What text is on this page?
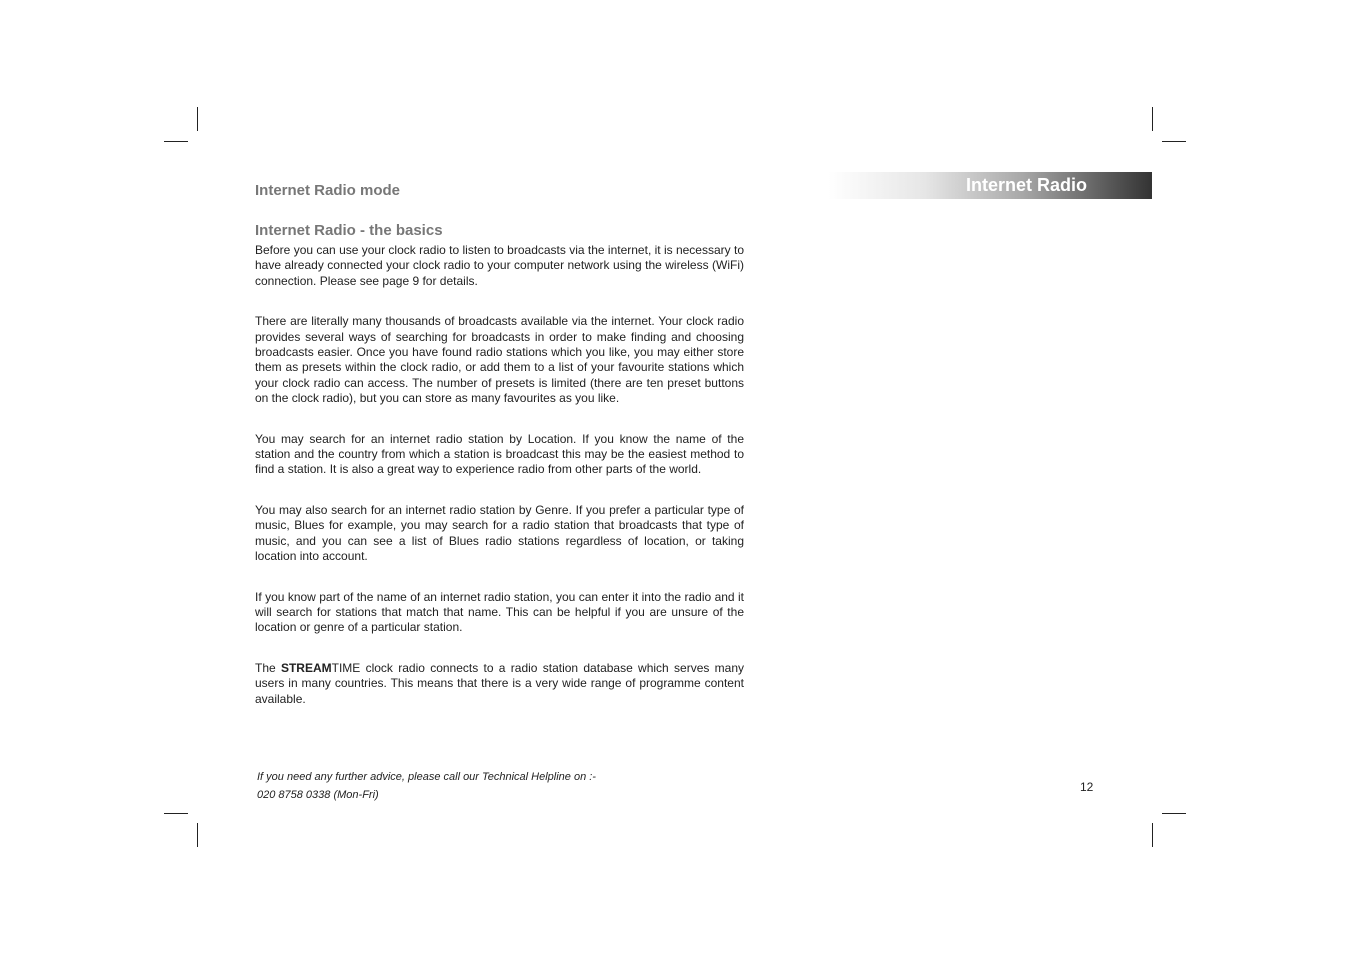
Internet Radio
Internet Radio mode
Internet Radio - the basics

Before you can use your clock radio to listen to broadcasts via the internet, it is necessary to have already connected your clock radio to your computer network using the wireless (WiFi) connection. Please see page 9 for details.

There are literally many thousands of broadcasts available via the internet. Your clock radio provides several ways of searching for broadcasts in order to make finding and choosing broadcasts easier. Once you have found radio stations which you like, you may either store them as presets within the clock radio, or add them to a list of your favourite stations which your clock radio can access. The number of presets is limited (there are ten preset buttons on the clock radio), but you can store as many favourites as you like.

You may search for an internet radio station by Location. If you know the name of the station and the country from which a station is broadcast this may be the easiest method to find a station. It is also a great way to experience radio from other parts of the world.

You may also search for an internet radio station by Genre. If you prefer a particular type of music, Blues for example, you may search for a radio station that broadcasts that type of music, and you can see a list of Blues radio stations regardless of location, or taking location into account.

If you know part of the name of an internet radio station, you can enter it into the radio and it will search for stations that match that name. This can be helpful if you are unsure of the location or genre of a particular station.

The STREAMTIME clock radio connects to a radio station database which serves many users in many countries. This means that there is a very wide range of programme content available.

If you need any further advice, please call our Technical Helpline on :-
020 8758 0338 (Mon-Fri)
12
